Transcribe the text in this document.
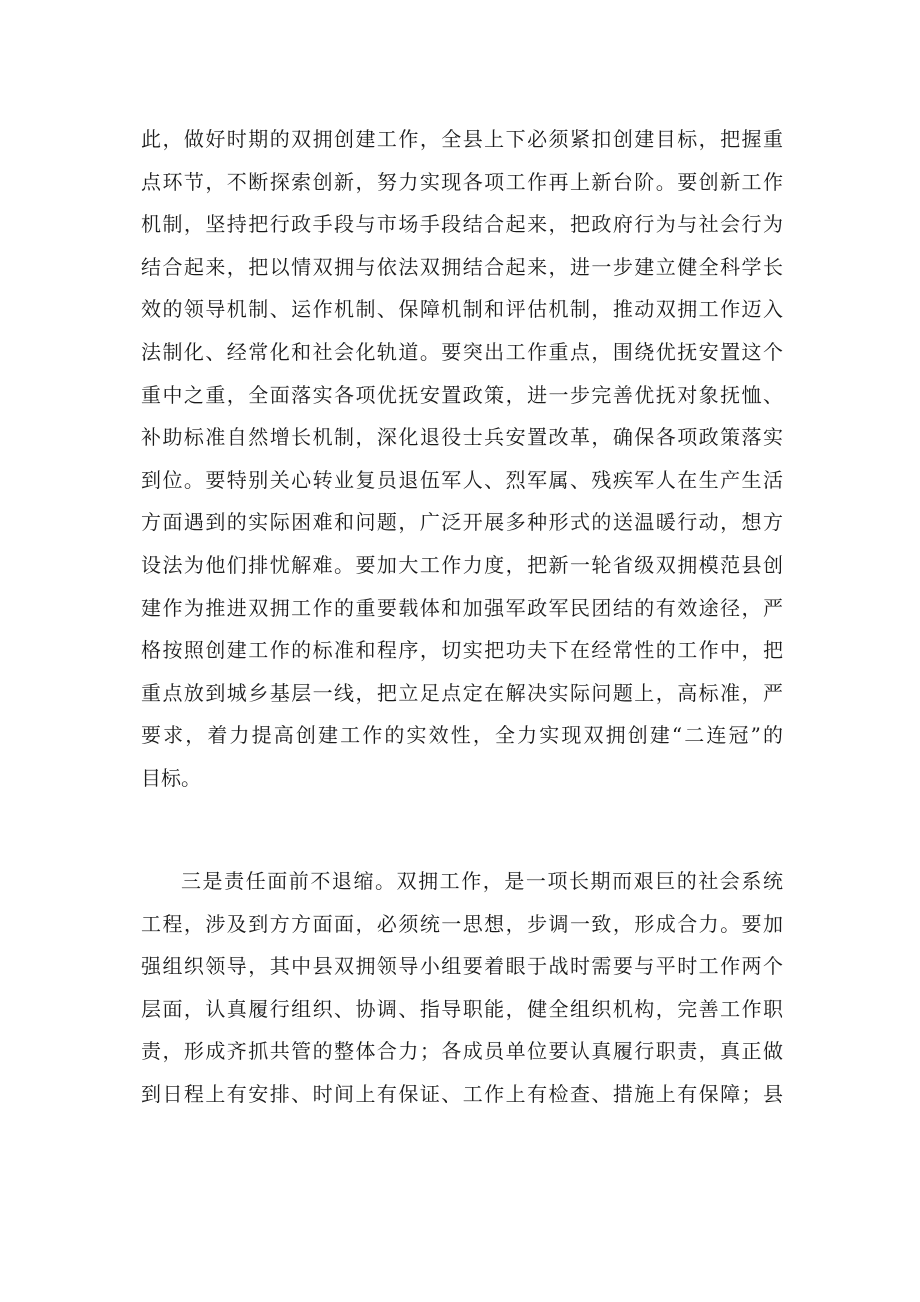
此，做好时期的双拥创建工作，全县上下必须紧扣创建目标，把握重
点环节，不断探索创新，努力实现各项工作再上新台阶。要创新工作
机制，坚持把行政手段与市场手段结合起来，把政府行为与社会行为
结合起来，把以情双拥与依法双拥结合起来，进一步建立健全科学长
效的领导机制、运作机制、保障机制和评估机制，推动双拥工作迈入
法制化、经常化和社会化轨道。要突出工作重点，围绕优抚安置这个
重中之重，全面落实各项优抚安置政策，进一步完善优抚对象抚恤、
补助标准自然增长机制，深化退役士兵安置改革，确保各项政策落实
到位。要特别关心转业复员退伍军人、烈军属、残疾军人在生产生活
方面遇到的实际困难和问题，广泛开展多种形式的送温暖行动，想方
设法为他们排忧解难。要加大工作力度，把新一轮省级双拥模范县创
建作为推进双拥工作的重要载体和加强军政军民团结的有效途径，严
格按照创建工作的标准和程序，切实把功夫下在经常性的工作中，把
重点放到城乡基层一线，把立足点定在解决实际问题上，高标准，严
要求，着力提高创建工作的实效性，全力实现双拥创建“二连冠”的
目标。
三是责任面前不退缩。双拥工作，是一项长期而艰巨的社会系统
工程，涉及到方方面面，必须统一思想，步调一致，形成合力。要加
强组织领导，其中县双拥领导小组要着眼于战时需要与平时工作两个
层面，认真履行组织、协调、指导职能，健全组织机构，完善工作职
责，形成齐抓共管的整体合力；各成员单位要认真履行职责，真正做
到日程上有安排、时间上有保证、工作上有检查、措施上有保障；县
